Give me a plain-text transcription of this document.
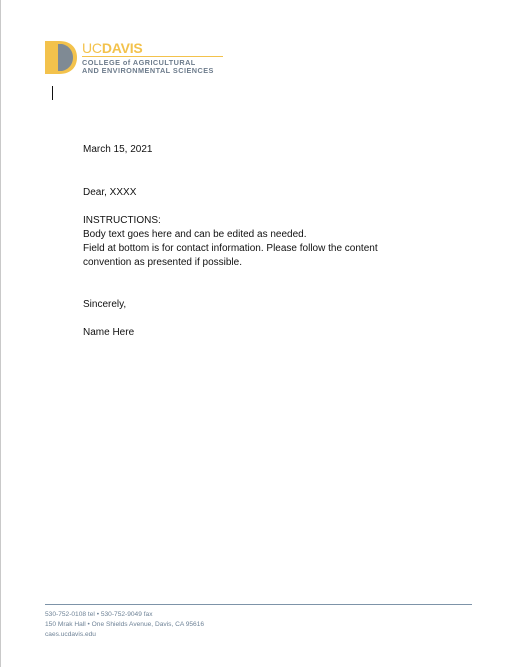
UCDAVIS
COLLEGE of AGRICULTURAL
AND ENVIRONMENTAL SCIENCES
March 15, 2021
Dear, XXXX
INSTRUCTIONS:
Body text goes here and can be edited as needed.
Field at bottom is for contact information. Please follow the content
convention as presented if possible.
Sincerely,
Name Here
530-752-0108 tel • 530-752-9049 fax
150 Mrak Hall • One Shields Avenue, Davis, CA 95616
caes.ucdavis.edu
